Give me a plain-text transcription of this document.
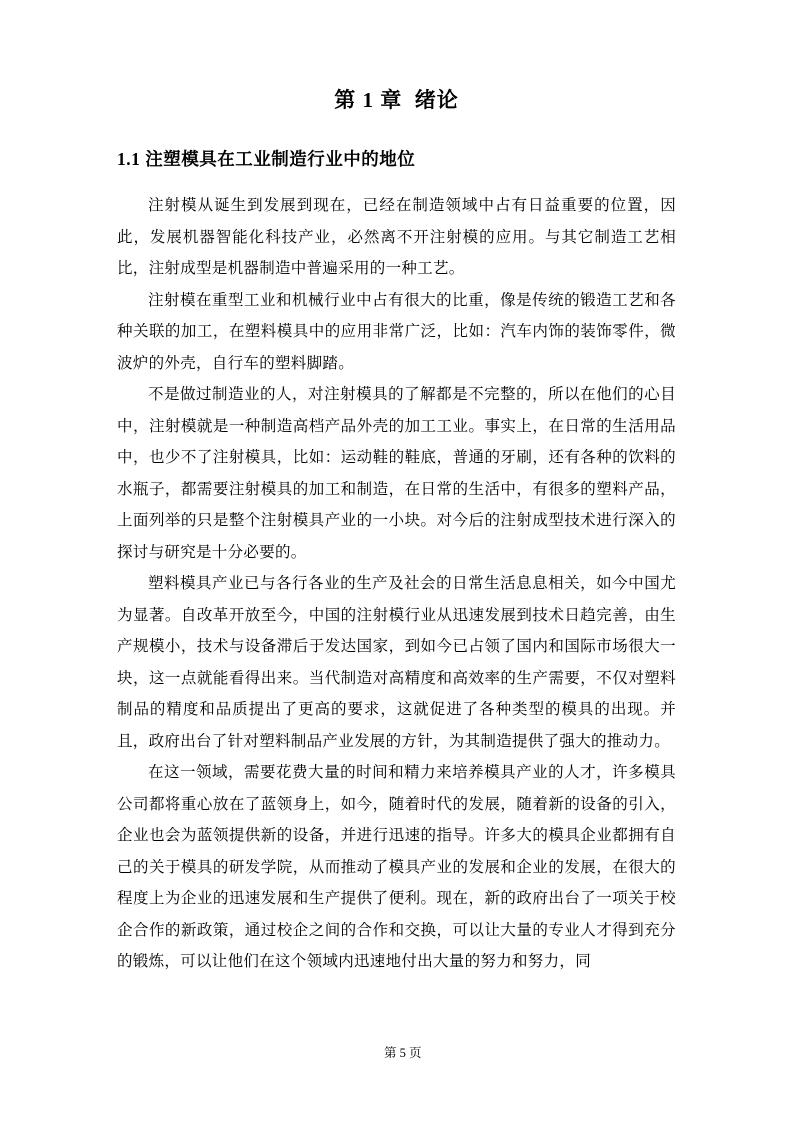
第 1 章  绪论
1.1 注塑模具在工业制造行业中的地位

注射模从诞生到发展到现在，已经在制造领域中占有日益重要的位置，因此，发展机器智能化科技产业，必然离不开注射模的应用。与其它制造工艺相比，注射成型是机器制造中普遍采用的一种工艺。

注射模在重型工业和机械行业中占有很大的比重，像是传统的锻造工艺和各种关联的加工，在塑料模具中的应用非常广泛，比如：汽车内饰的装饰零件，微波炉的外壳，自行车的塑料脚踏。

不是做过制造业的人，对注射模具的了解都是不完整的，所以在他们的心目中，注射模就是一种制造高档产品外壳的加工工业。事实上，在日常的生活用品中，也少不了注射模具，比如：运动鞋的鞋底，普通的牙刷，还有各种的饮料的水瓶子，都需要注射模具的加工和制造，在日常的生活中，有很多的塑料产品，上面列举的只是整个注射模具产业的一小块。对今后的注射成型技术进行深入的探讨与研究是十分必要的。

塑料模具产业已与各行各业的生产及社会的日常生活息息相关，如今中国尤为显著。自改革开放至今，中国的注射模行业从迅速发展到技术日趋完善，由生产规模小，技术与设备滞后于发达国家，到如今已占领了国内和国际市场很大一块，这一点就能看得出来。当代制造对高精度和高效率的生产需要，不仅对塑料制品的精度和品质提出了更高的要求，这就促进了各种类型的模具的出现。并且，政府出台了针对塑料制品产业发展的方针，为其制造提供了强大的推动力。

在这一领域，需要花费大量的时间和精力来培养模具产业的人才，许多模具公司都将重心放在了蓝领身上，如今，随着时代的发展，随着新的设备的引入，企业也会为蓝领提供新的设备，并进行迅速的指导。许多大的模具企业都拥有自己的关于模具的研发学院，从而推动了模具产业的发展和企业的发展，在很大的程度上为企业的迅速发展和生产提供了便利。现在，新的政府出台了一项关于校企合作的新政策，通过校企之间的合作和交换，可以让大量的专业人才得到充分的锻炼，可以让他们在这个领域内迅速地付出大量的努力和努力，同

第 5 页
